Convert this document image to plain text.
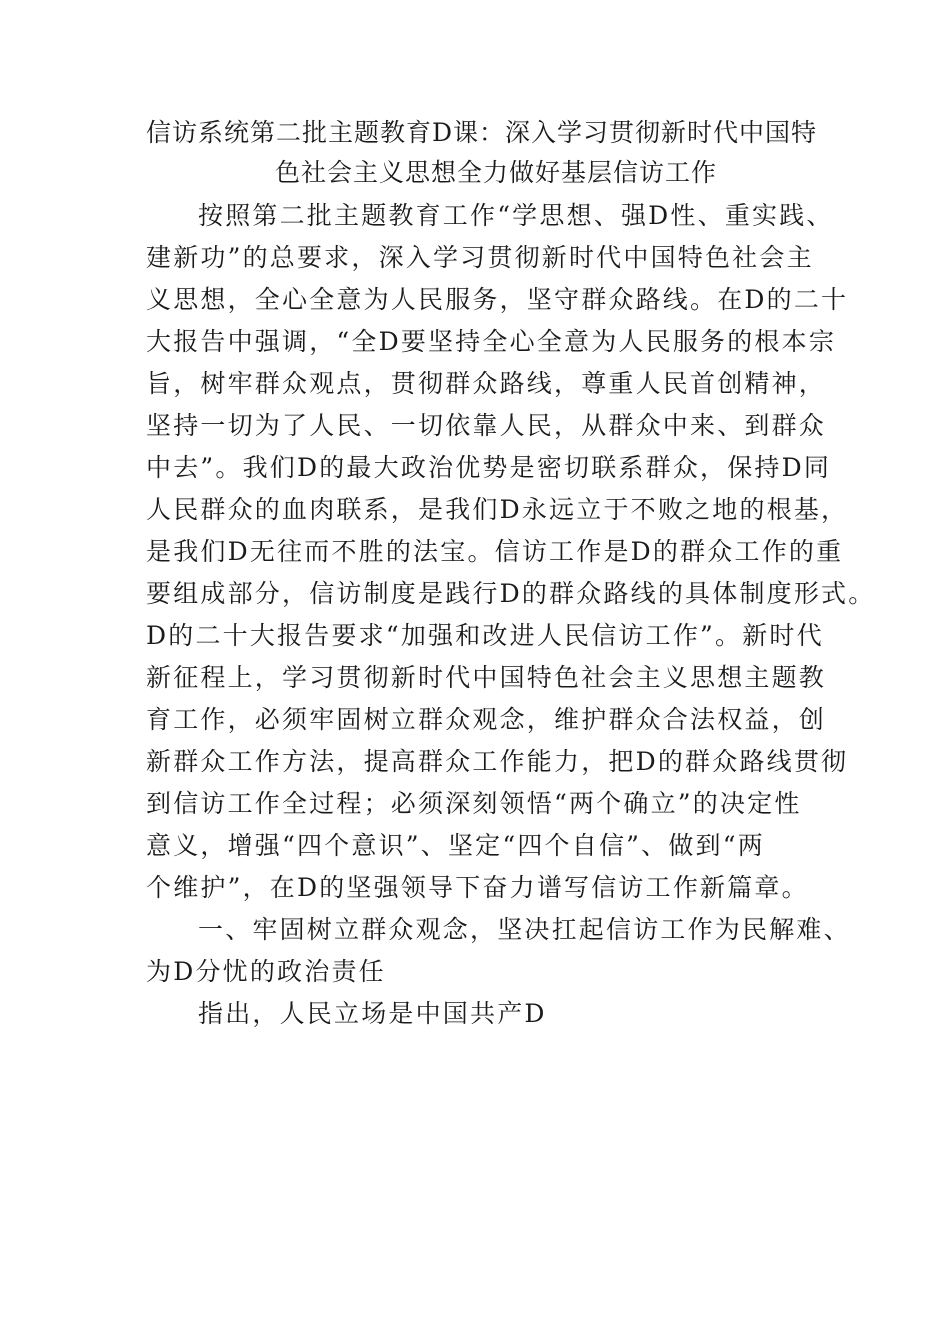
信访系统第二批主题教育D课：深入学习贯彻新时代中国特
色社会主义思想全力做好基层信访工作
按照第二批主题教育工作“学思想、强D性、重实践、
建新功”的总要求，深入学习贯彻新时代中国特色社会主
义思想，全心全意为人民服务，坚守群众路线。在D的二十
大报告中强调，“全D要坚持全心全意为人民服务的根本宗
旨，树牢群众观点，贯彻群众路线，尊重人民首创精神，
坚持一切为了人民、一切依靠人民，从群众中来、到群众
中去”。我们D的最大政治优势是密切联系群众，保持D同
人民群众的血肉联系，是我们D永远立于不败之地的根基，
是我们D无往而不胜的法宝。信访工作是D的群众工作的重
要组成部分，信访制度是践行D的群众路线的具体制度形式。
D的二十大报告要求“加强和改进人民信访工作”。新时代
新征程上，学习贯彻新时代中国特色社会主义思想主题教
育工作，必须牢固树立群众观念，维护群众合法权益，创
新群众工作方法，提高群众工作能力，把D的群众路线贯彻
到信访工作全过程；必须深刻领悟“两个确立”的决定性
意义，增强“四个意识”、坚定“四个自信”、做到“两
个维护”，在D的坚强领导下奋力谱写信访工作新篇章。
一、牢固树立群众观念，坚决扛起信访工作为民解难、
为D分忧的政治责任
指出，人民立场是中国共产D
